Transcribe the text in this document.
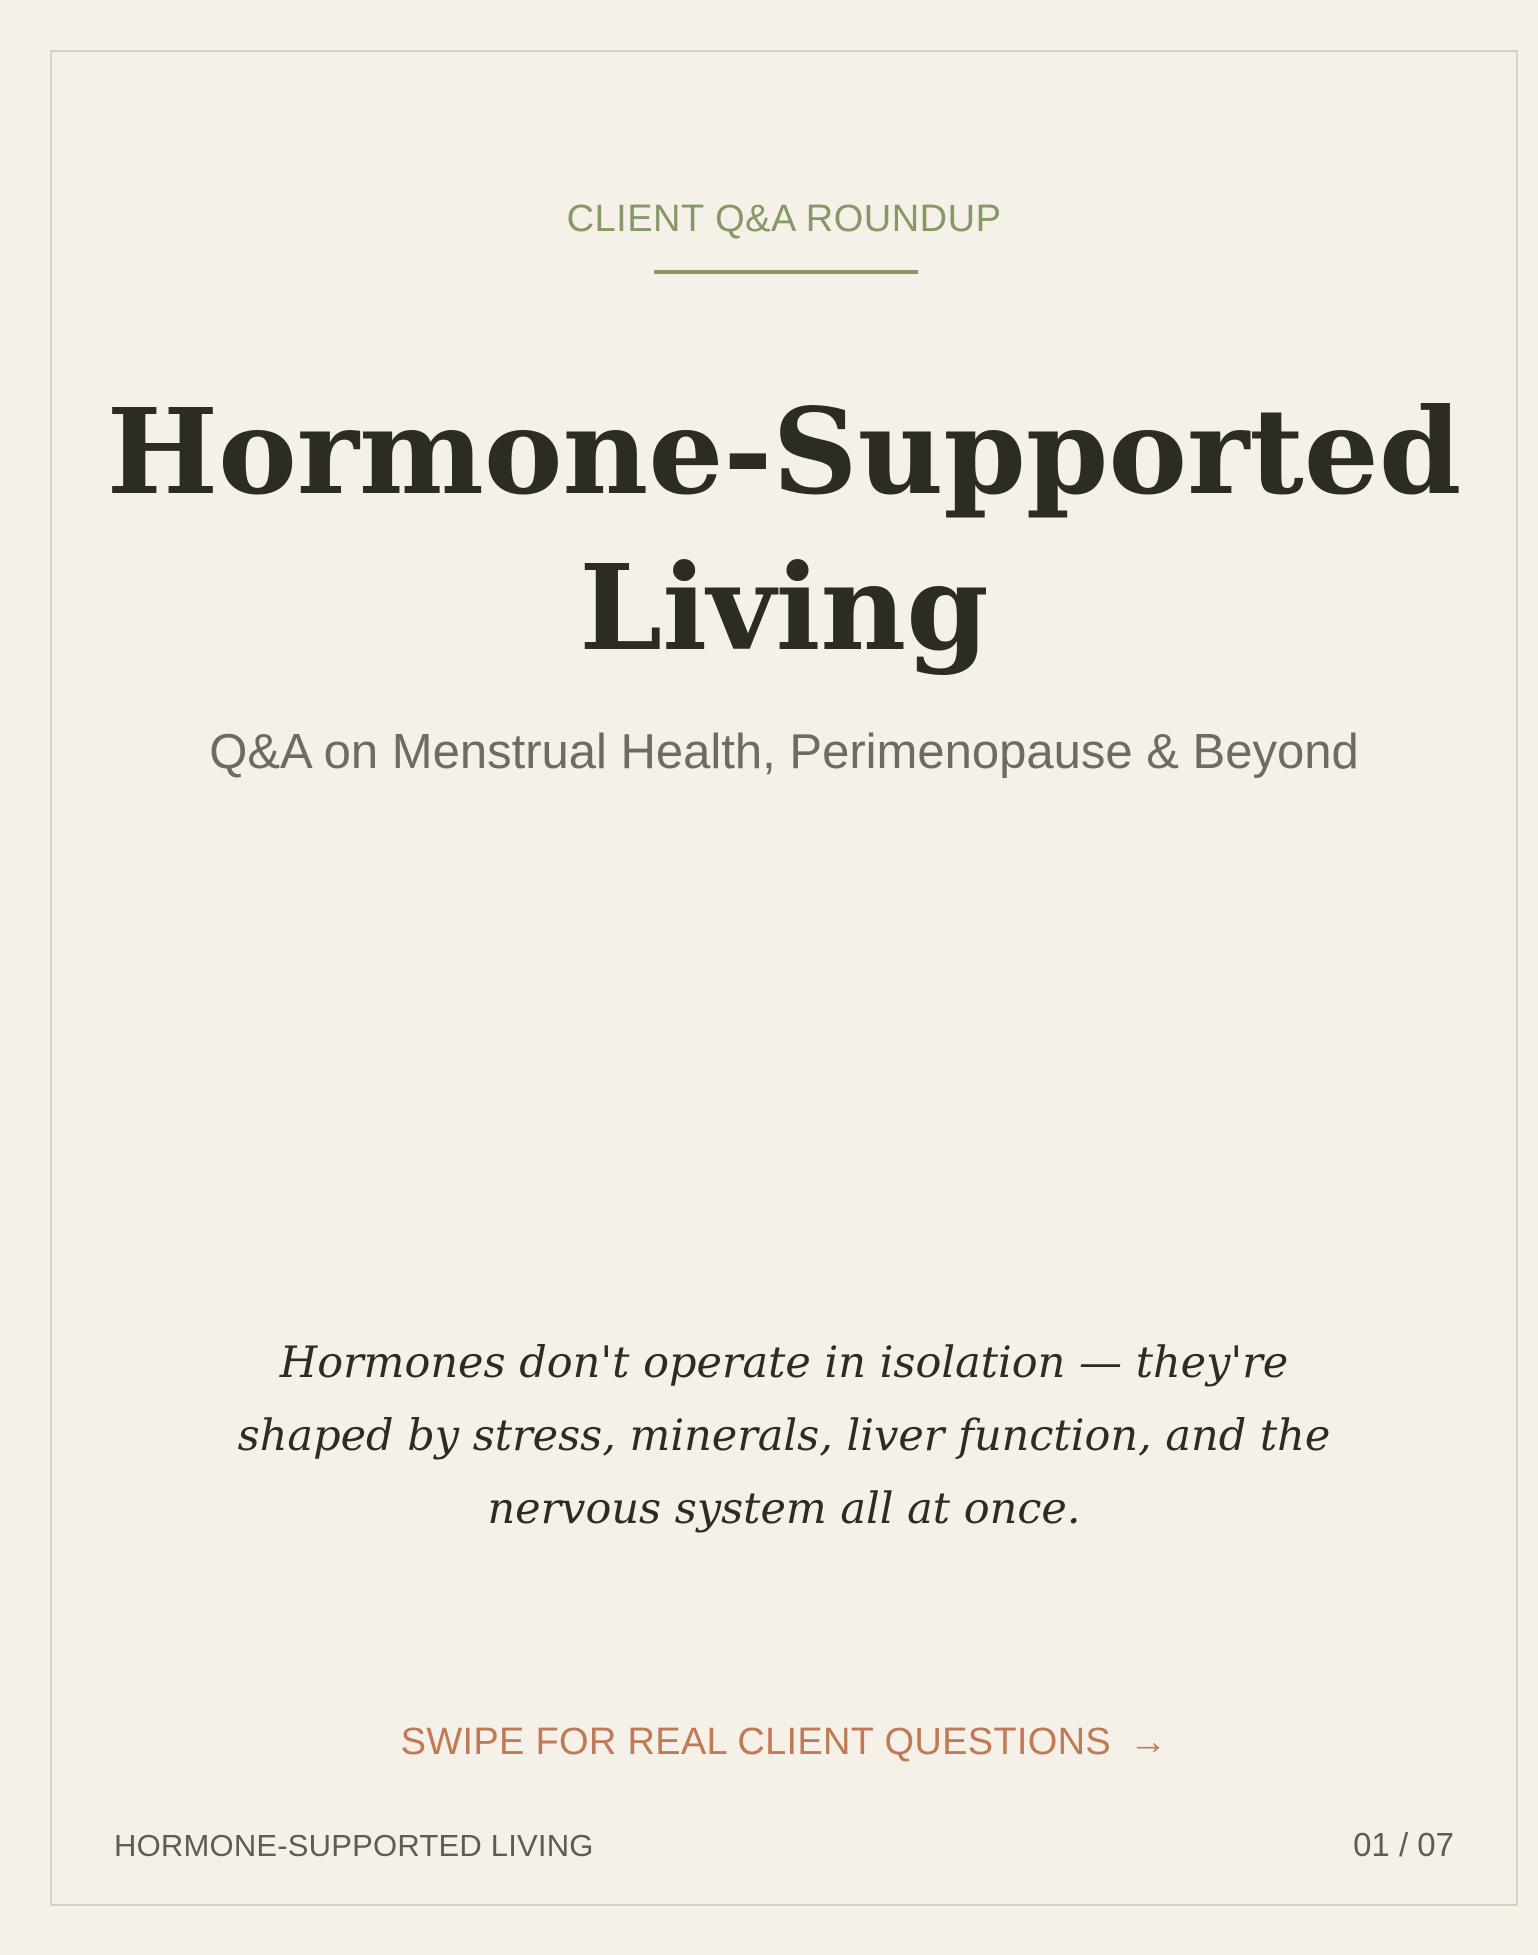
CLIENT Q&A ROUNDUP
Hormone-Supported Living
Q&A on Menstrual Health, Perimenopause & Beyond
Hormones don't operate in isolation — they're shaped by stress, minerals, liver function, and the nervous system all at once.
SWIPE FOR REAL CLIENT QUESTIONS →
HORMONE-SUPPORTED LIVING	01 / 07
